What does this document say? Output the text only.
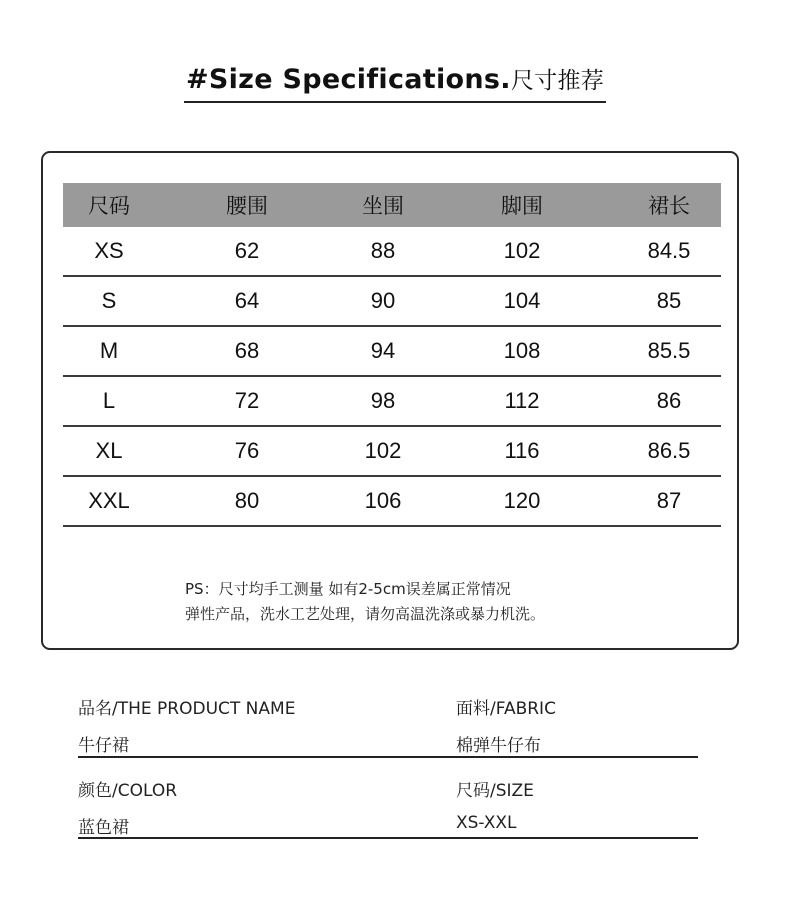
#Size Specifications.尺寸推荐
尺码	腰围	坐围	脚围	裙长
XS	62	88	102	84.5
S	64	90	104	85
M	68	94	108	85.5
L	72	98	112	86
XL	76	102	116	86.5
XXL	80	106	120	87
PS：尺寸均手工测量 如有2-5cm误差属正常情况
弹性产品，洗水工艺处理，请勿高温洗涤或暴力机洗。
品名/THE PRODUCT NAME	面料/FABRIC
牛仔裙	棉弹牛仔布
颜色/COLOR	尺码/SIZE
蓝色裙	XS-XXL
